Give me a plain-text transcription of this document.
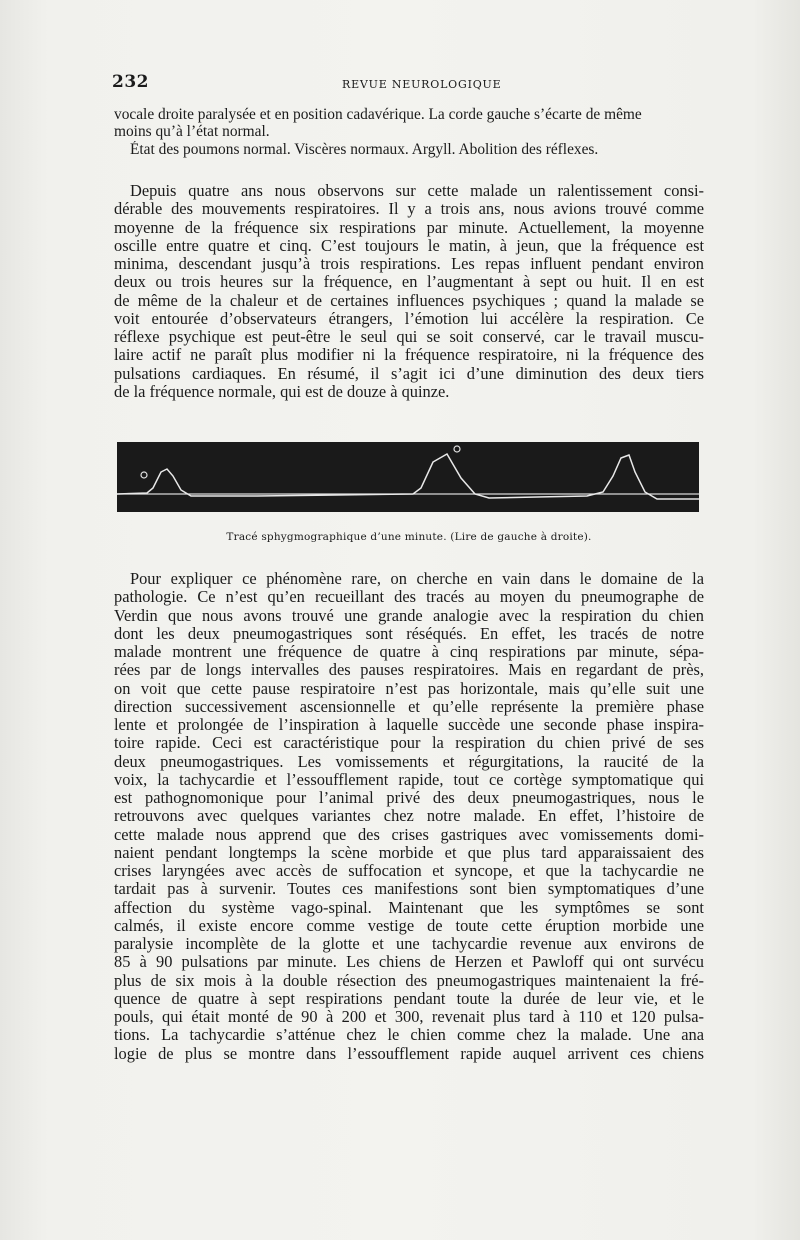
232	REVUE NEUROLOGIQUE
vocale droite paralysée et en position cadavérique. La corde gauche s’écarte de même
moins qu’à l’état normal.
État des poumons normal. Viscères normaux. Argyll. Abolition des réflexes.
Depuis quatre ans nous observons sur cette malade un ralentissement consi-
dérable des mouvements respiratoires. Il y a trois ans, nous avions trouvé comme
moyenne de la fréquence six respirations par minute. Actuellement, la moyenne
oscille entre quatre et cinq. C’est toujours le matin, à jeun, que la fréquence est
minima, descendant jusqu’à trois respirations. Les repas influent pendant environ
deux ou trois heures sur la fréquence, en l’augmentant à sept ou huit. Il en est
de même de la chaleur et de certaines influences psychiques ; quand la malade se
voit entourée d’observateurs étrangers, l’émotion lui accélère la respiration. Ce
réflexe psychique est peut-être le seul qui se soit conservé, car le travail muscu-
laire actif ne paraît plus modifier ni la fréquence respiratoire, ni la fréquence des
pulsations cardiaques. En résumé, il s’agit ici d’une diminution des deux tiers
de la fréquence normale, qui est de douze à quinze.
Tracé sphygmographique d’une minute. (Lire de gauche à droite).
Pour expliquer ce phénomène rare, on cherche en vain dans le domaine de la
pathologie. Ce n’est qu’en recueillant des tracés au moyen du pneumographe de
Verdin que nous avons trouvé une grande analogie avec la respiration du chien
dont les deux pneumogastriques sont réséqués. En effet, les tracés de notre
malade montrent une fréquence de quatre à cinq respirations par minute, sépa-
rées par de longs intervalles des pauses respiratoires. Mais en regardant de près,
on voit que cette pause respiratoire n’est pas horizontale, mais qu’elle suit une
direction successivement ascensionnelle et qu’elle représente la première phase
lente et prolongée de l’inspiration à laquelle succède une seconde phase inspira-
toire rapide. Ceci est caractéristique pour la respiration du chien privé de ses
deux pneumogastriques. Les vomissements et régurgitations, la raucité de la
voix, la tachycardie et l’essoufflement rapide, tout ce cortège symptomatique qui
est pathognomonique pour l’animal privé des deux pneumogastriques, nous le
retrouvons avec quelques variantes chez notre malade. En effet, l’histoire de
cette malade nous apprend que des crises gastriques avec vomissements domi-
naient pendant longtemps la scène morbide et que plus tard apparaissaient des
crises laryngées avec accès de suffocation et syncope, et que la tachycardie ne
tardait pas à survenir. Toutes ces manifestions sont bien symptomatiques d’une
affection du système vago-spinal. Maintenant que les symptômes se sont
calmés, il existe encore comme vestige de toute cette éruption morbide une
paralysie incomplète de la glotte et une tachycardie revenue aux environs de
85 à 90 pulsations par minute. Les chiens de Herzen et Pawloff qui ont survécu
plus de six mois à la double résection des pneumogastriques maintenaient la fré-
quence de quatre à sept respirations pendant toute la durée de leur vie, et le
pouls, qui était monté de 90 à 200 et 300, revenait plus tard à 110 et 120 pulsa-
tions. La tachycardie s’atténue chez le chien comme chez la malade. Une ana
logie de plus se montre dans l’essoufflement rapide auquel arrivent ces chiens
